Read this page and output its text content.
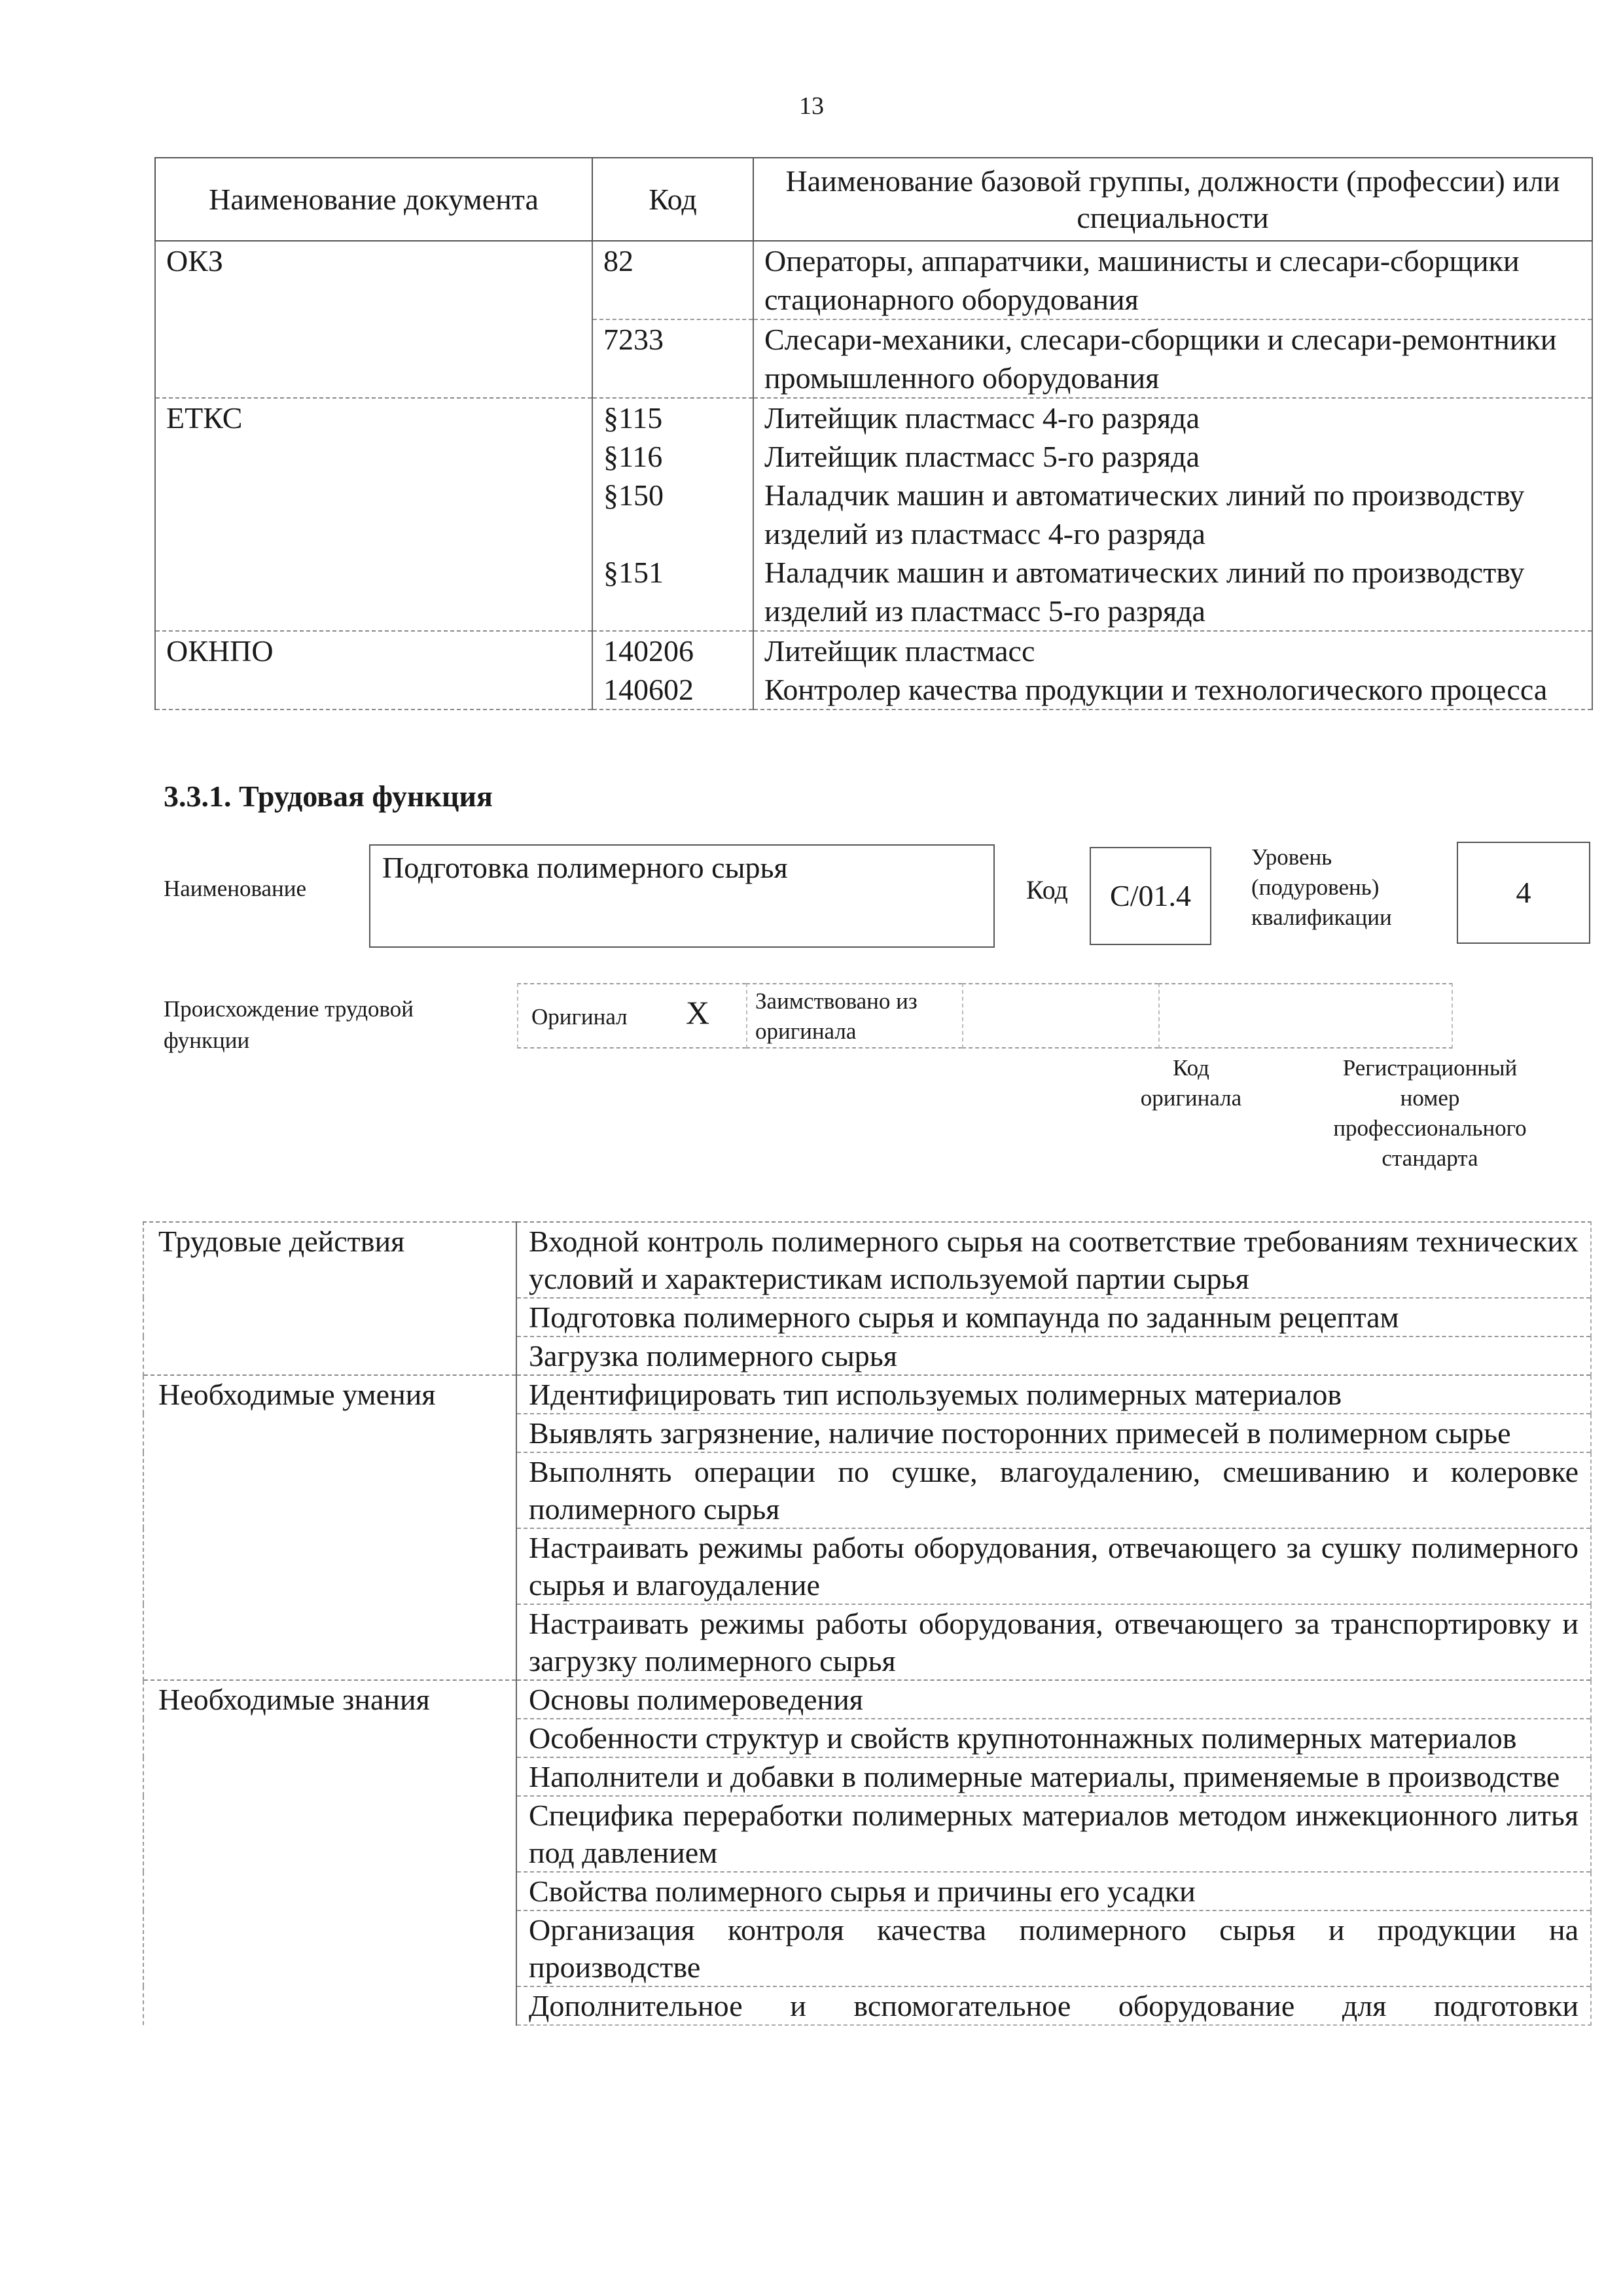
13
Наименование документа	Код	Наименование базовой группы, должности (профессии) или специальности
ОКЗ	82	Операторы, аппаратчики, машинисты и слесари-сборщики стационарного оборудования
	7233	Слесари-механики, слесари-сборщики и слесари-ремонтники промышленного оборудования
ЕТКС	§115	Литейщик пластмасс 4-го разряда
	§116	Литейщик пластмасс 5-го разряда
	§150	Наладчик машин и автоматических линий по производству изделий из пластмасс 4-го разряда
	§151	Наладчик машин и автоматических линий по производству изделий из пластмасс 5-го разряда
ОКНПО	140206	Литейщик пластмасс
	140602	Контролер качества продукции и технологического процесса
3.3.1. Трудовая функция
Наименование
Подготовка полимерного сырья
Код	C/01.4
Уровень
(подуровень)
квалификации
4
Происхождение трудовой
функции
Оригинал X Заимствовано из
оригинала
Код
оригинала
Регистрационный
номер
профессионального
стандарта
Трудовые действия	Входной контроль полимерного сырья на соответствие требованиям технических условий и характеристикам используемой партии сырья
	Подготовка полимерного сырья и компаунда по заданным рецептам
	Загрузка полимерного сырья
Необходимые умения	Идентифицировать тип используемых полимерных материалов
	Выявлять загрязнение, наличие посторонних примесей в полимерном сырье
	Выполнять операции по сушке, влагоудалению, смешиванию и колеровке полимерного сырья
	Настраивать режимы работы оборудования, отвечающего за сушку полимерного сырья и влагоудаление
	Настраивать режимы работы оборудования, отвечающего за транспортировку и загрузку полимерного сырья
Необходимые знания	Основы полимероведения
	Особенности структур и свойств крупнотоннажных полимерных материалов
	Наполнители и добавки в полимерные материалы, применяемые в производстве
	Специфика переработки полимерных материалов методом инжекционного литья под давлением
	Свойства полимерного сырья и причины его усадки
	Организация контроля качества полимерного сырья и продукции на производстве
	Дополнительное и вспомогательное оборудование для подготовки
